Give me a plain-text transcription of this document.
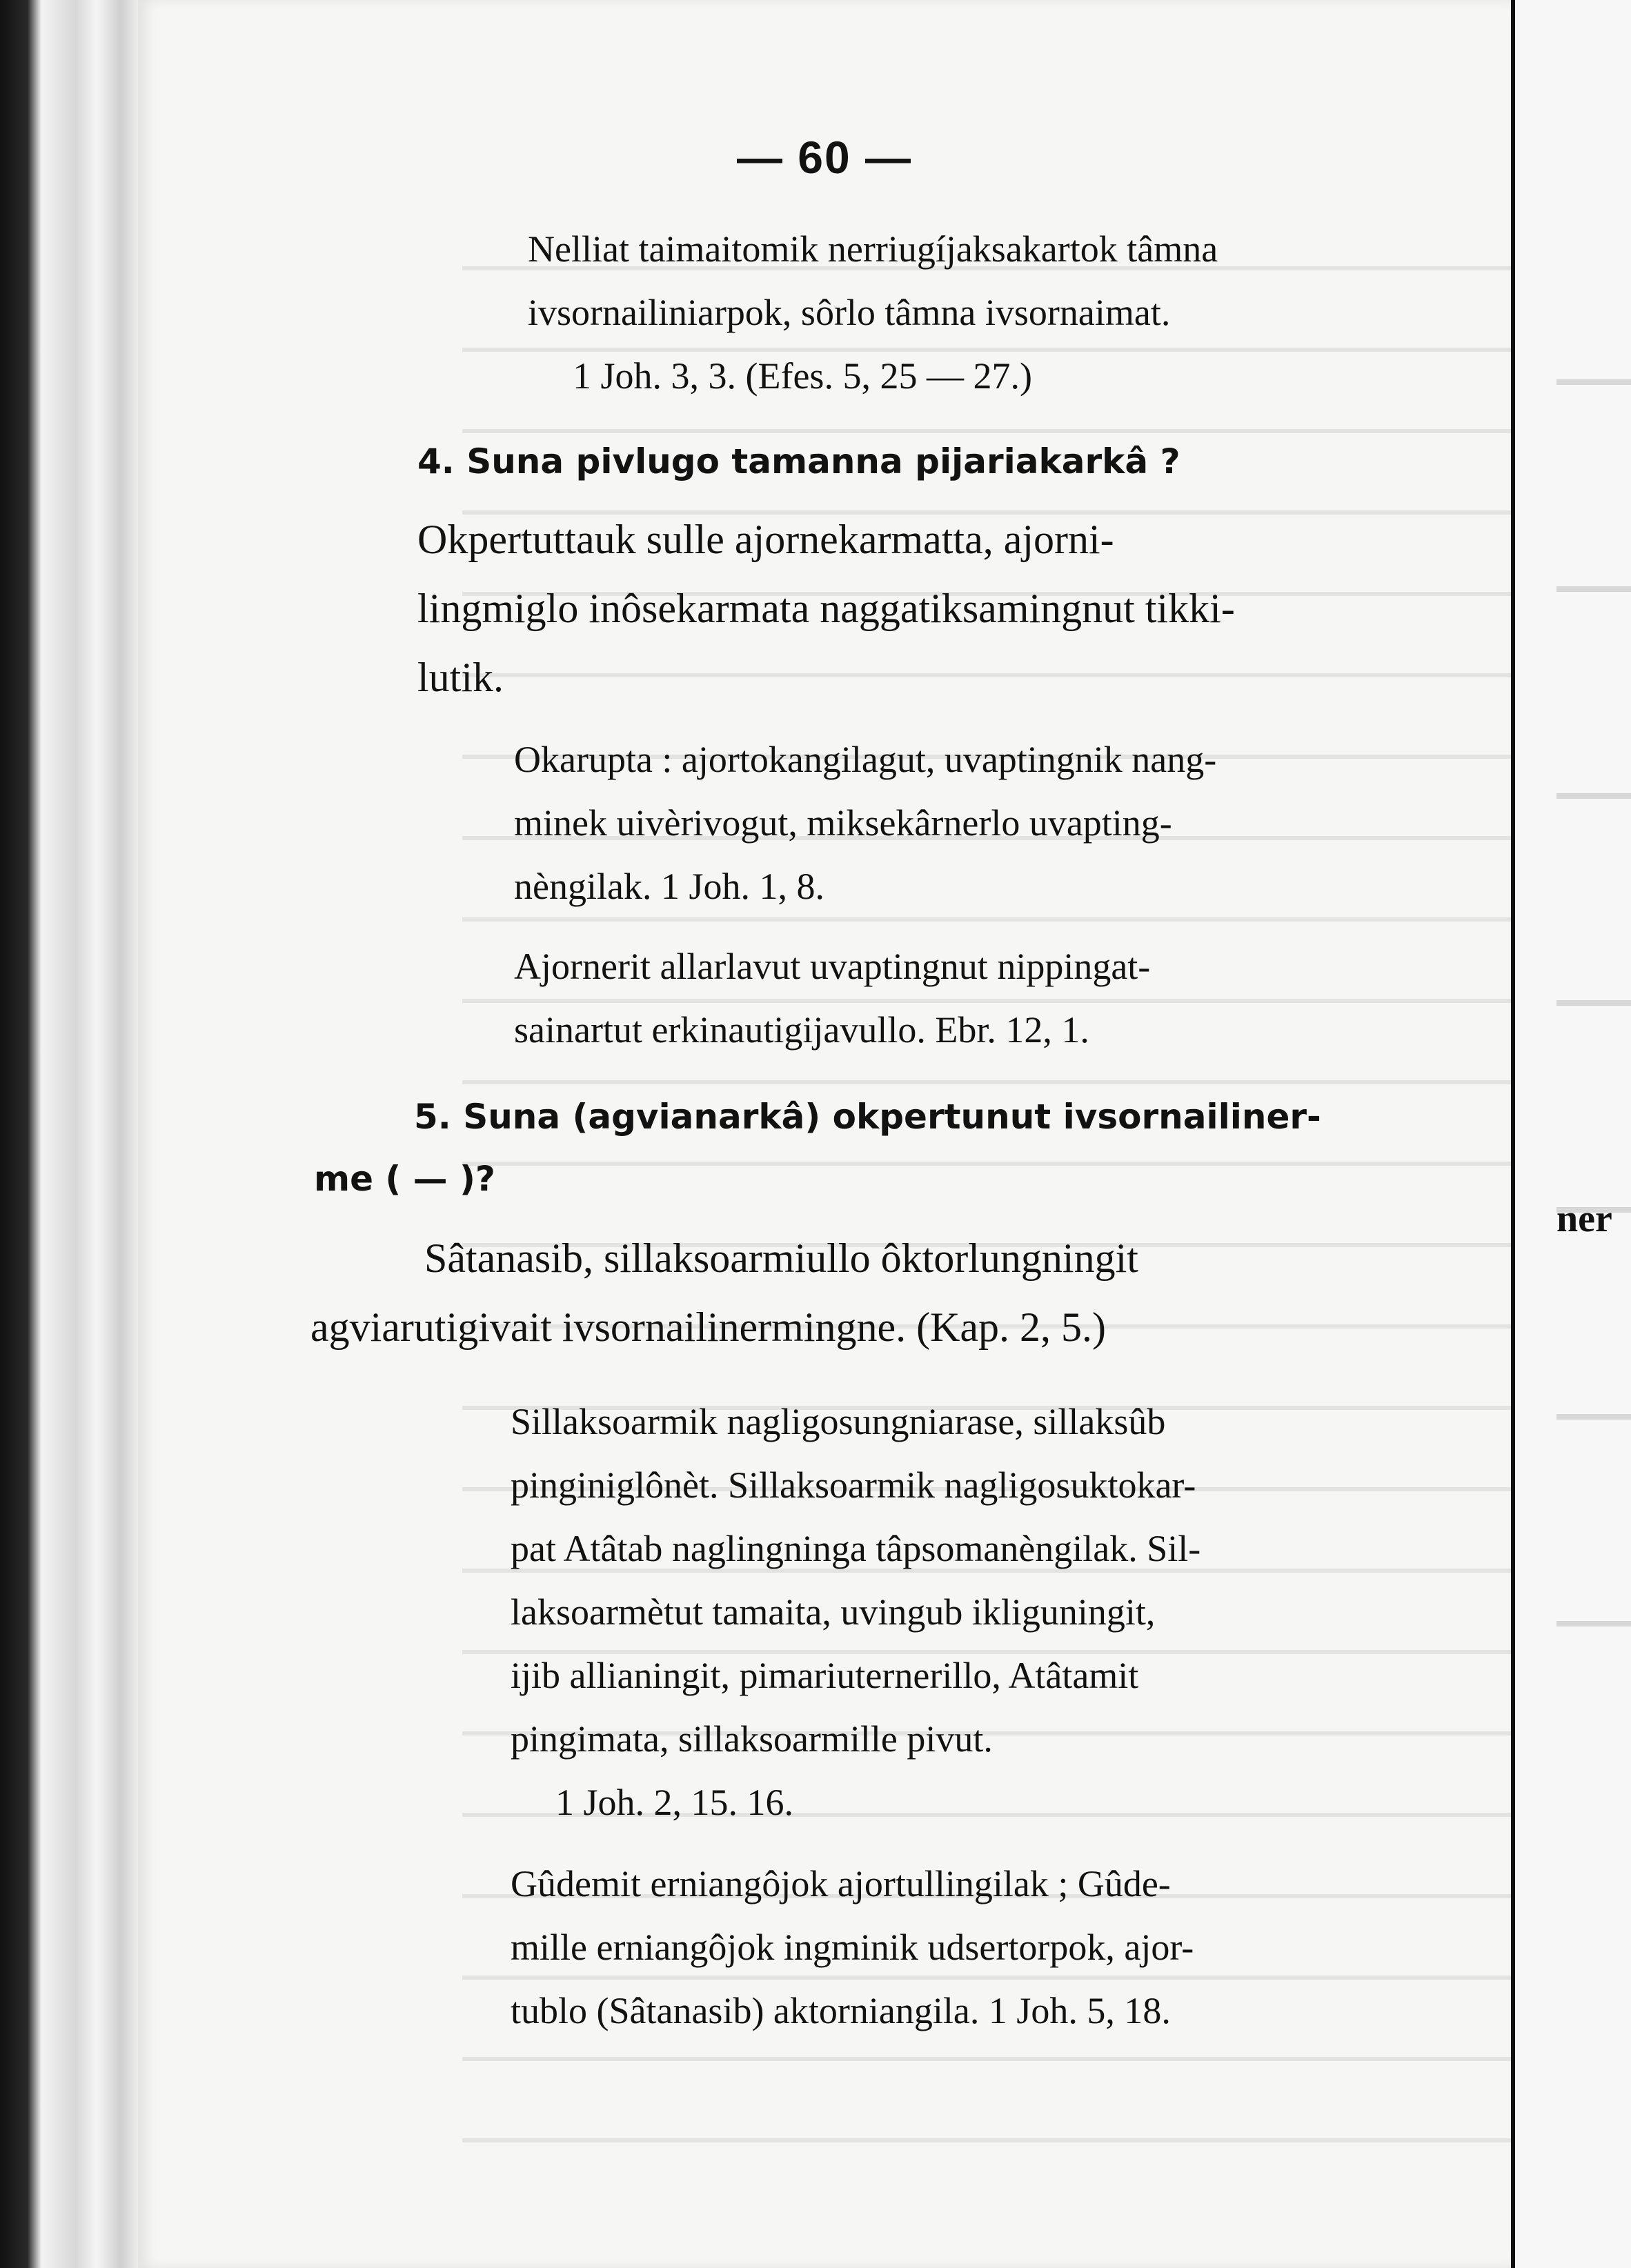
— 60 —
Nelliat taimaitomik nerriugíjaksakartok tâmna
ivsornailiniarpok, sôrlo tâmna ivsornaimat.
1 Joh. 3, 3. (Efes. 5, 25 — 27.)
4. Suna pivlugo tamanna pijariakarkâ ?
Okpertuttauk sulle ajornekarmatta, ajorni-
lingmiglo inôsekarmata naggatiksamingnut tikki-
lutik.
Okarupta : ajortokangilagut, uvaptingnik nang-
minek uivèrivogut, miksekârnerlo uvapting-
nèngilak. 1 Joh. 1, 8.
Ajornerit allarlavut uvaptingnut nippingat-
sainartut erkinautigijavullo. Ebr. 12, 1.
5. Suna (agvianarkâ) okpertunut ivsornailiner-
me ( — )?
Sâtanasib, sillaksoarmiullo ôktorlungningit
agviarutigivait ivsornailinermingne. (Kap. 2, 5.)
Sillaksoarmik nagligosungniarase, sillaksûb
pinginiglônèt. Sillaksoarmik nagligosuktokar-
pat Atâtab naglingninga tâpsomanèngilak. Sil-
laksoarmètut tamaita, uvingub ikliguningit,
ijib allianingit, pimariuternerillo, Atâtamit
pingimata, sillaksoarmille pivut.
1 Joh. 2, 15. 16.
Gûdemit erniangôjok ajortullingilak ; Gûde-
mille erniangôjok ingminik udsertorpok, ajor-
tublo (Sâtanasib) aktorniangila. 1 Joh. 5, 18.
ner
